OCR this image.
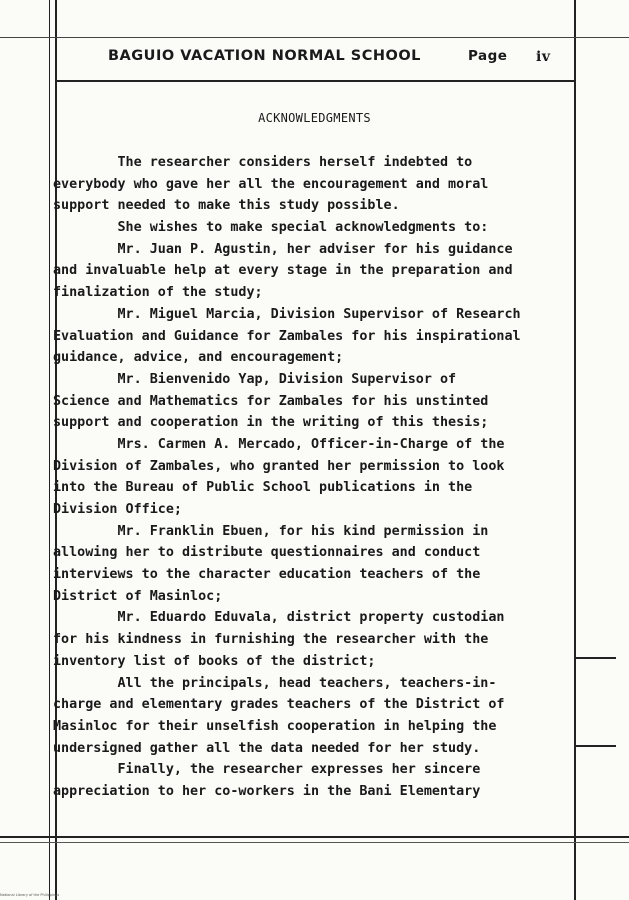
BAGUIO VACATION NORMAL SCHOOL	Page iv
ACKNOWLEDGMENTS
The researcher considers herself indebted to
everybody who gave her all the encouragement and moral
support needed to make this study possible.
She wishes to make special acknowledgments to:
Mr. Juan P. Agustin, her adviser for his guidance
and invaluable help at every stage in the preparation and
finalization of the study;
Mr. Miguel Marcia, Division Supervisor of Research
Evaluation and Guidance for Zambales for his inspirational
guidance, advice, and encouragement;
Mr. Bienvenido Yap, Division Supervisor of
Science and Mathematics for Zambales for his unstinted
support and cooperation in the writing of this thesis;
Mrs. Carmen A. Mercado, Officer-in-Charge of the
Division of Zambales, who granted her permission to look
into the Bureau of Public School publications in the
Division Office;
Mr. Franklin Ebuen, for his kind permission in
allowing her to distribute questionnaires and conduct
interviews to the character education teachers of the
District of Masinloc;
Mr. Eduardo Eduvala, district property custodian
for his kindness in furnishing the researcher with the
inventory list of books of the district;
All the principals, head teachers, teachers-in-
charge and elementary grades teachers of the District of
Masinloc for their unselfish cooperation in helping the
undersigned gather all the data needed for her study.
Finally, the researcher expresses her sincere
appreciation to her co-workers in the Bani Elementary
National Library of the Philippines
